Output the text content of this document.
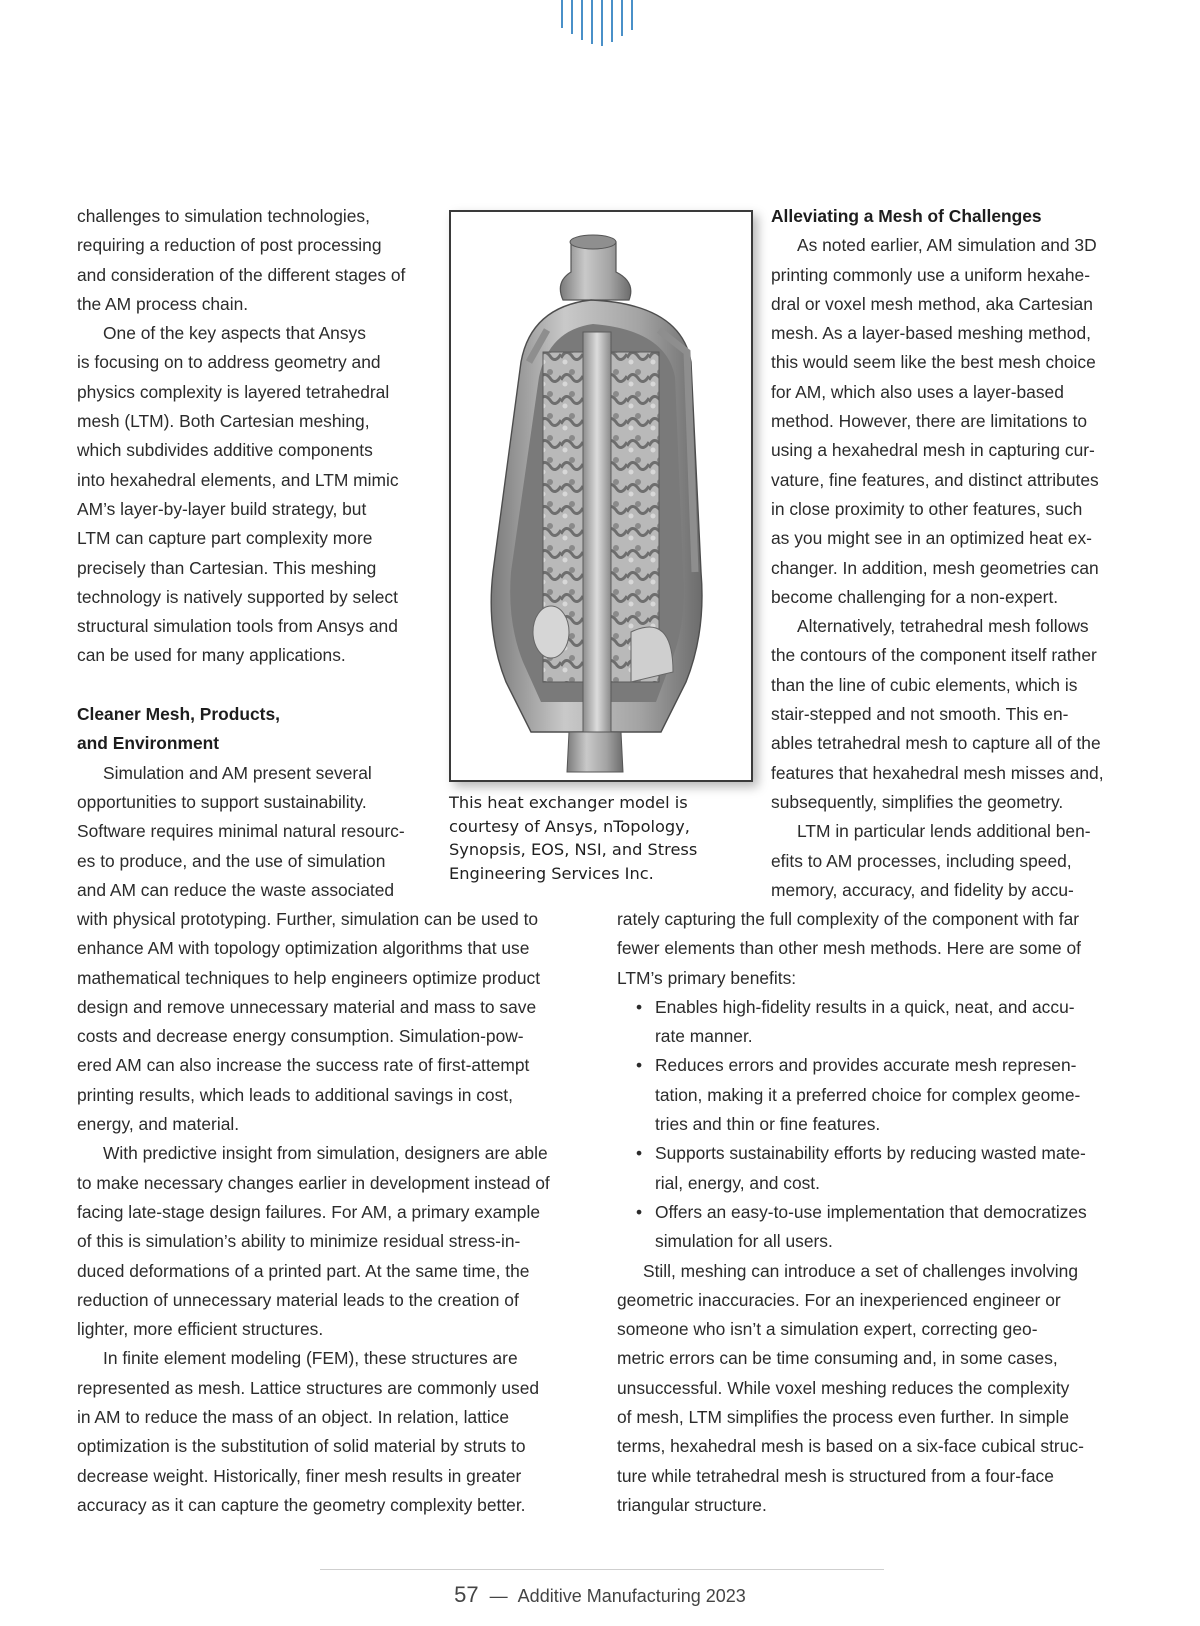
challenges to simulation technologies,
requiring a reduction of post processing
and consideration of the different stages of
the AM process chain.

One of the key aspects that Ansys
is focusing on to address geometry and
physics complexity is layered tetrahedral
mesh (LTM). Both Cartesian meshing,
which subdivides additive components
into hexahedral elements, and LTM mimic
AM’s layer-by-layer build strategy, but
LTM can capture part complexity more
precisely than Cartesian. This meshing
technology is natively supported by select
structural simulation tools from Ansys and
can be used for many applications.

Cleaner Mesh, Products,
and Environment

Simulation and AM present several
opportunities to support sustainability.
Software requires minimal natural resourc-
es to produce, and the use of simulation
and AM can reduce the waste associated

This heat exchanger model is
courtesy of Ansys, nTopology,
Synopsis, EOS, NSI, and Stress
Engineering Services Inc.

Alleviating a Mesh of Challenges

As noted earlier, AM simulation and 3D
printing commonly use a uniform hexahe-
dral or voxel mesh method, aka Cartesian
mesh. As a layer-based meshing method,
this would seem like the best mesh choice
for AM, which also uses a layer-based
method. However, there are limitations to
using a hexahedral mesh in capturing cur-
vature, fine features, and distinct attributes
in close proximity to other features, such
as you might see in an optimized heat ex-
changer. In addition, mesh geometries can
become challenging for a non-expert.

Alternatively, tetrahedral mesh follows
the contours of the component itself rather
than the line of cubic elements, which is
stair-stepped and not smooth. This en-
ables tetrahedral mesh to capture all of the
features that hexahedral mesh misses and,
subsequently, simplifies the geometry.

LTM in particular lends additional ben-
efits to AM processes, including speed,
memory, accuracy, and fidelity by accu-

with physical prototyping. Further, simulation can be used to
enhance AM with topology optimization algorithms that use
mathematical techniques to help engineers optimize product
design and remove unnecessary material and mass to save
costs and decrease energy consumption. Simulation-pow-
ered AM can also increase the success rate of first-attempt
printing results, which leads to additional savings in cost,
energy, and material.

With predictive insight from simulation, designers are able
to make necessary changes earlier in development instead of
facing late-stage design failures. For AM, a primary example
of this is simulation’s ability to minimize residual stress-in-
duced deformations of a printed part. At the same time, the
reduction of unnecessary material leads to the creation of
lighter, more efficient structures.

In finite element modeling (FEM), these structures are
represented as mesh. Lattice structures are commonly used
in AM to reduce the mass of an object. In relation, lattice
optimization is the substitution of solid material by struts to
decrease weight. Historically, finer mesh results in greater
accuracy as it can capture the geometry complexity better.

rately capturing the full complexity of the component with far
fewer elements than other mesh methods. Here are some of
LTM’s primary benefits:

• Enables high-fidelity results in a quick, neat, and accu-
rate manner.
• Reduces errors and provides accurate mesh represen-
tation, making it a preferred choice for complex geome-
tries and thin or fine features.
• Supports sustainability efforts by reducing wasted mate-
rial, energy, and cost.
• Offers an easy-to-use implementation that democratizes
simulation for all users.

Still, meshing can introduce a set of challenges involving
geometric inaccuracies. For an inexperienced engineer or
someone who isn’t a simulation expert, correcting geo-
metric errors can be time consuming and, in some cases,
unsuccessful. While voxel meshing reduces the complexity
of mesh, LTM simplifies the process even further. In simple
terms, hexahedral mesh is based on a six-face cubical struc-
ture while tetrahedral mesh is structured from a four-face
triangular structure.

57 — Additive Manufacturing 2023
